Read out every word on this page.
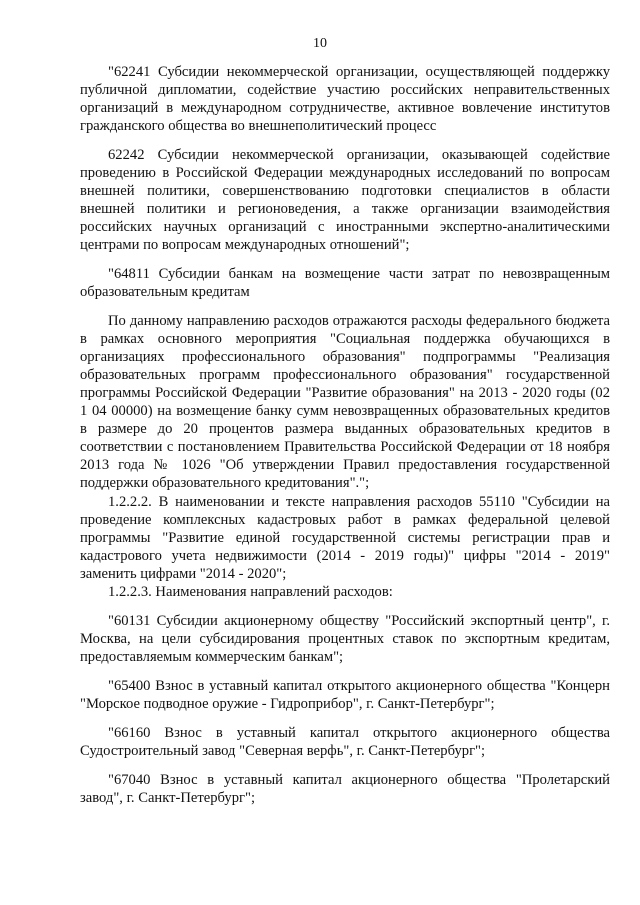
10

"62241 Субсидии некоммерческой организации, осуществляющей поддержку публичной дипломатии, содействие участию российских неправительственных организаций в международном сотрудничестве, активное вовлечение институтов гражданского общества во внешнеполитический процесс

62242 Субсидии некоммерческой организации, оказывающей содействие проведению в Российской Федерации международных исследований по вопросам внешней политики, совершенствованию подготовки специалистов в области внешней политики и регионоведения, а также организации взаимодействия российских научных организаций с иностранными экспертно-аналитическими центрами по вопросам международных отношений";

"64811 Субсидии банкам на возмещение части затрат по невозвращенным образовательным кредитам

По данному направлению расходов отражаются расходы федерального бюджета в рамках основного мероприятия "Социальная поддержка обучающихся в организациях профессионального образования" подпрограммы "Реализация образовательных программ профессионального образования" государственной программы Российской Федерации "Развитие образования" на 2013 - 2020 годы (02 1 04 00000) на возмещение банку сумм невозвращенных образовательных кредитов в размере до 20 процентов размера выданных образовательных кредитов в соответствии с постановлением Правительства Российской Федерации от 18 ноября 2013 года № 1026 "Об утверждении Правил предоставления государственной поддержки образовательного кредитования".";

1.2.2.2. В наименовании и тексте направления расходов 55110 "Субсидии на проведение комплексных кадастровых работ в рамках федеральной целевой программы "Развитие единой государственной системы регистрации прав и кадастрового учета недвижимости (2014 - 2019 годы)" цифры "2014 - 2019" заменить цифрами "2014 - 2020";

1.2.2.3. Наименования направлений расходов:

"60131 Субсидии акционерному обществу "Российский экспортный центр", г. Москва, на цели субсидирования процентных ставок по экспортным кредитам, предоставляемым коммерческим банкам";

"65400 Взнос в уставный капитал открытого акционерного общества "Концерн "Морское подводное оружие - Гидроприбор", г. Санкт-Петербург";

"66160 Взнос в уставный капитал открытого акционерного общества Судостроительный завод "Северная верфь", г. Санкт-Петербург";

"67040 Взнос в уставный капитал акционерного общества "Пролетарский завод", г. Санкт-Петербург";
